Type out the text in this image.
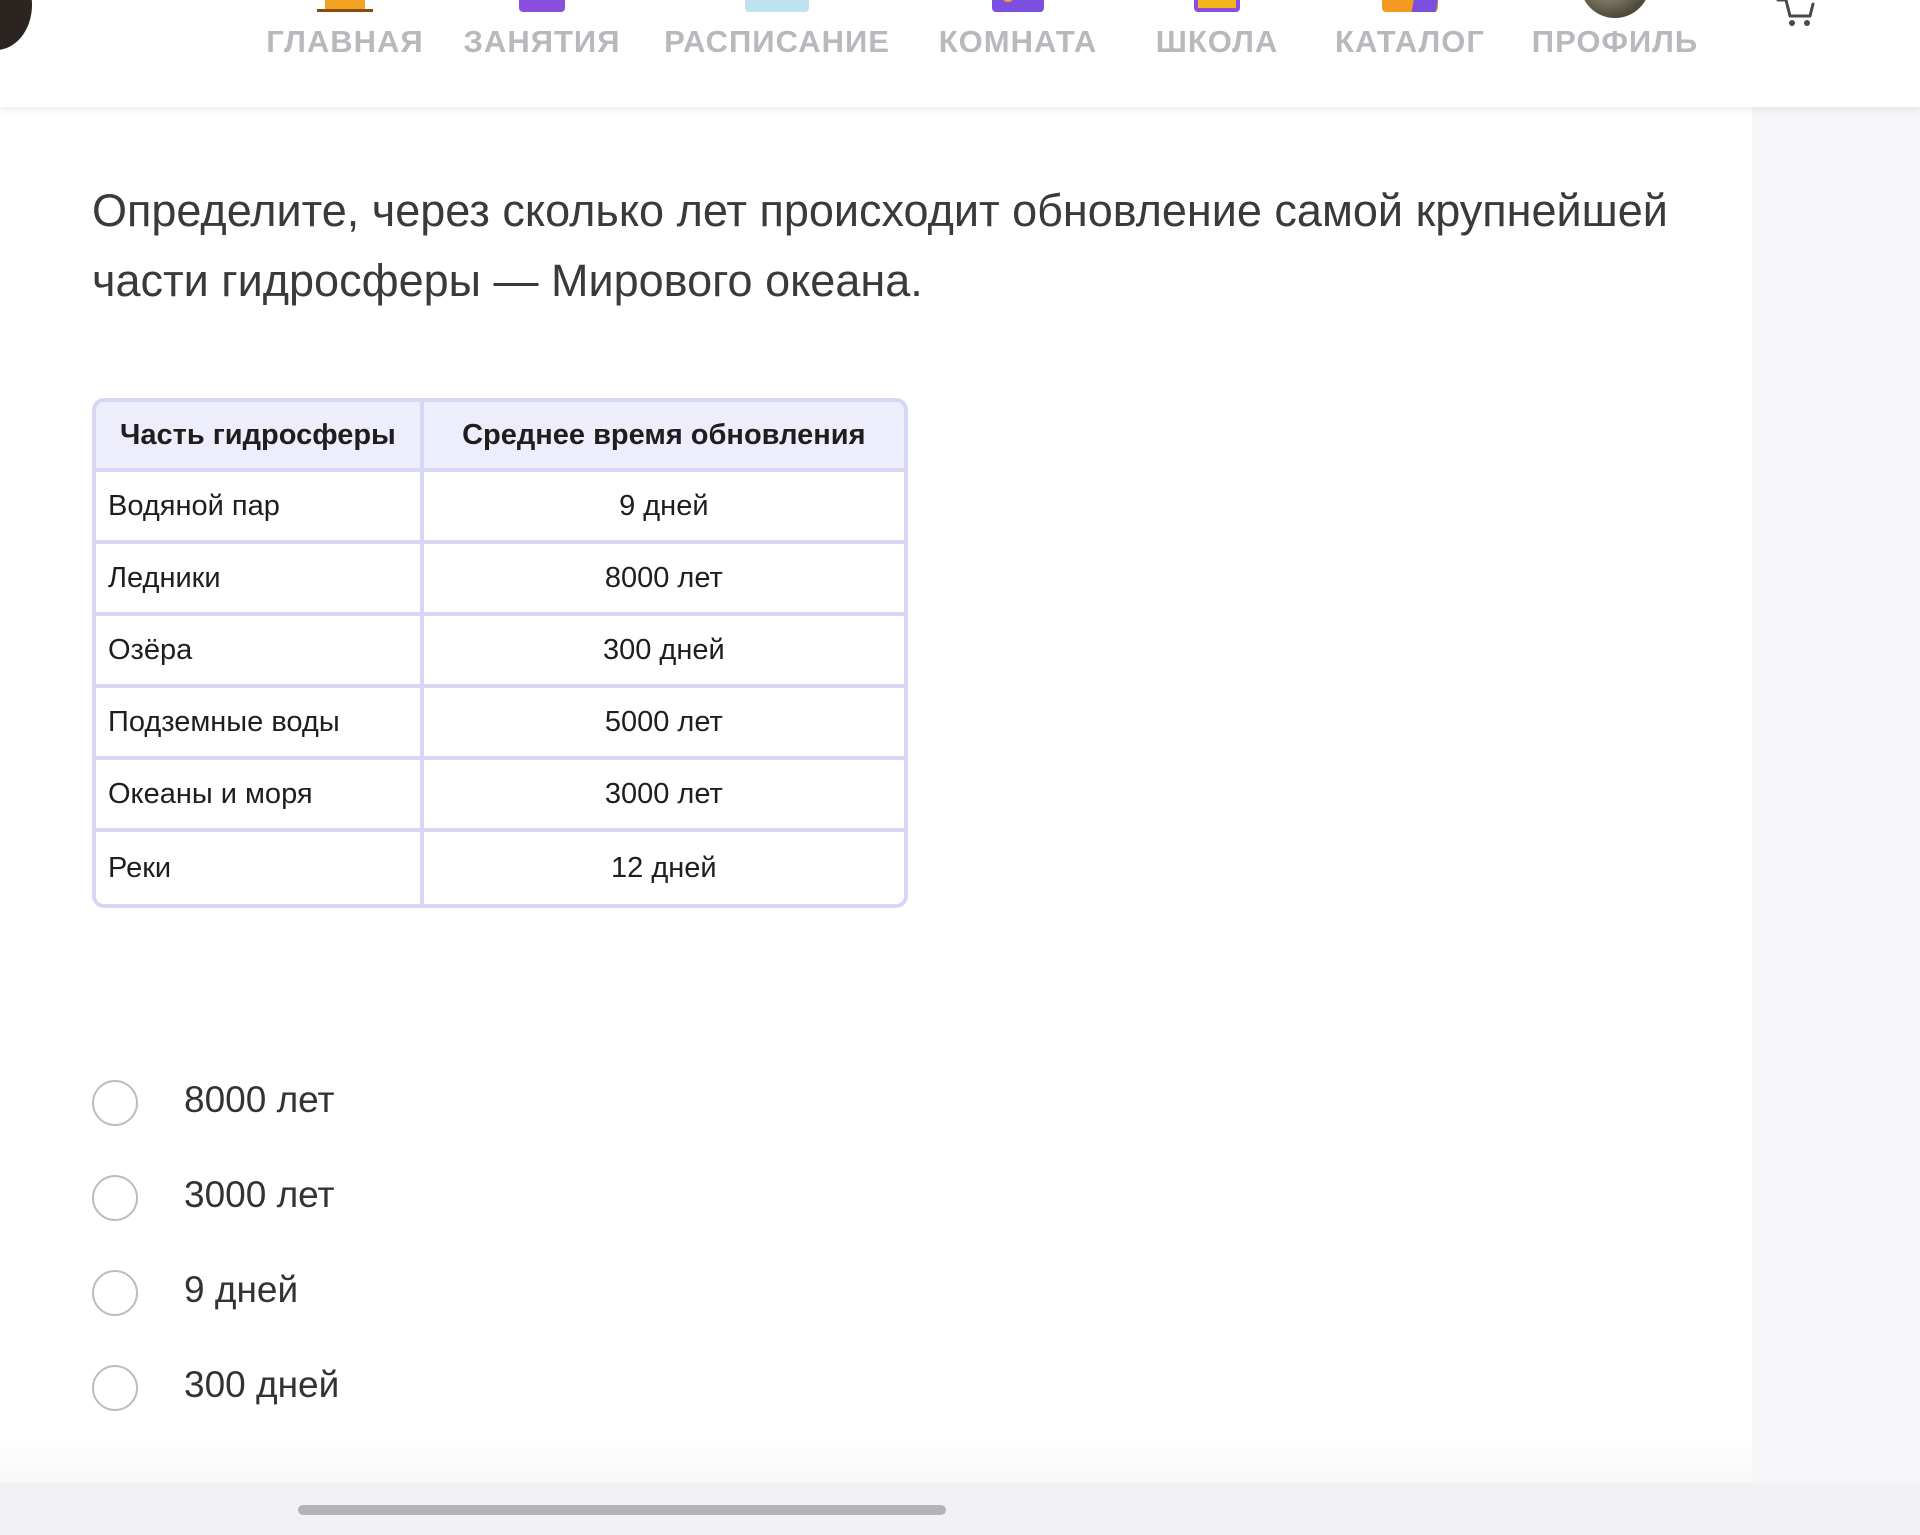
ГЛАВНАЯ ЗАНЯТИЯ РАСПИСАНИЕ КОМНАТА ШКОЛА КАТАЛОГ ПРОФИЛЬ
Определите, через сколько лет происходит обновление самой крупнейшей части гидросферы — Мирового океана.
Часть гидросферы	Среднее время обновления
Водяной пар	9 дней
Ледники	8000 лет
Озёра	300 дней
Подземные воды	5000 лет
Океаны и моря	3000 лет
Реки	12 дней
8000 лет
3000 лет
9 дней
300 дней
